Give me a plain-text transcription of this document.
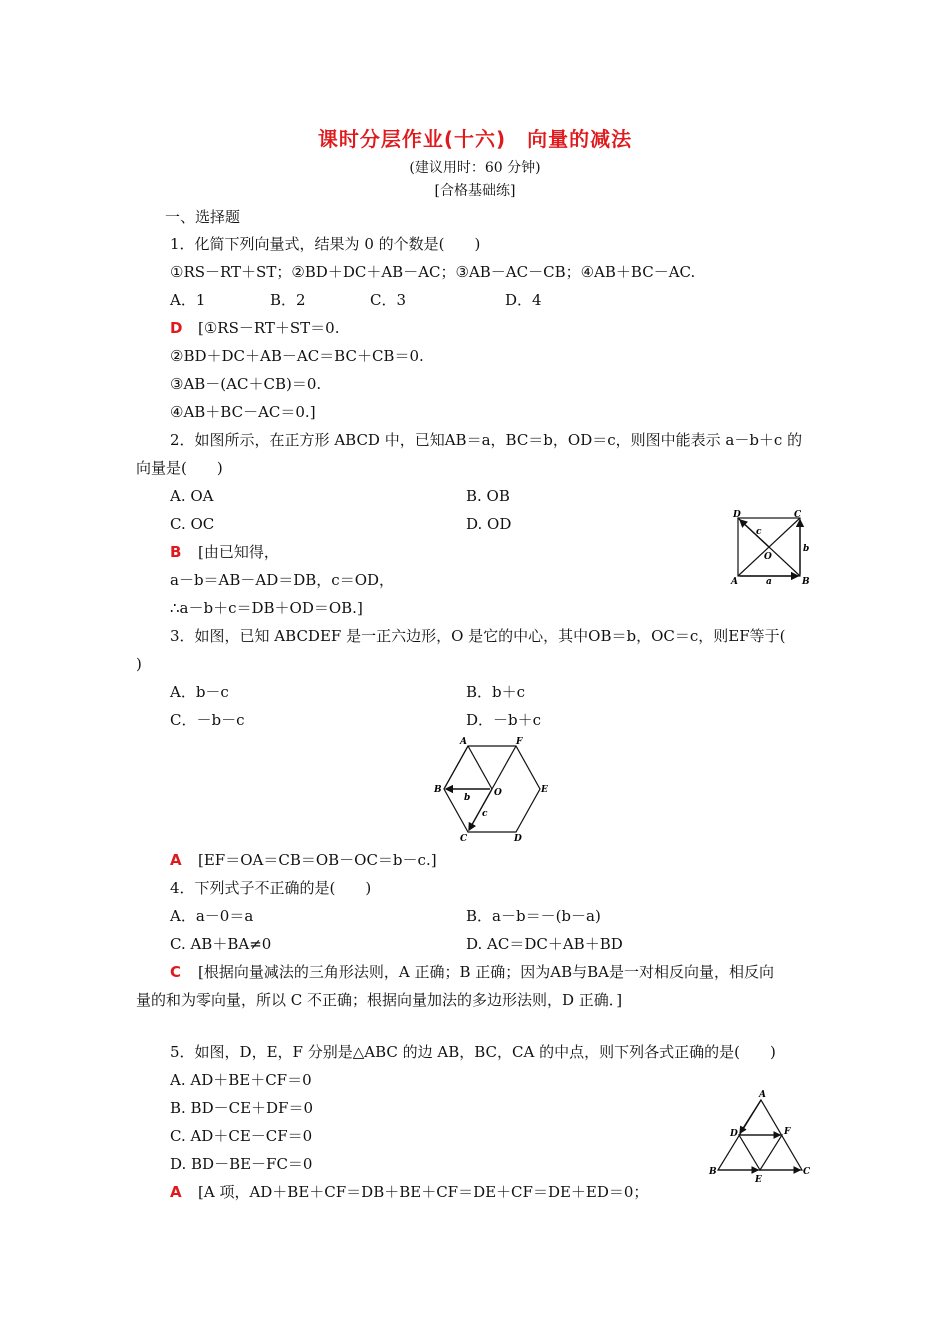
课时分层作业(十六)　向量的减法
(建议用时：60 分钟)
[合格基础练]
一、选择题
1．化简下列向量式，结果为 0 的个数是(　　)
①RS－RT＋ST；②BD＋DC＋AB－AC；③AB－AC－CB；④AB＋BC－AC.
A．1	B．2	C．3	D．4
D [①RS－RT＋ST＝0.
②BD＋DC＋AB－AC＝BC＋CB＝0.
③AB－(AC＋CB)＝0.
④AB＋BC－AC＝0.]
2．如图所示，在正方形 ABCD 中，已知AB＝a，BC＝b，OD＝c，则图中能表示 a－b＋c 的
向量是(　　)
A. OA	B. OB
C. OC	D. OD
B [由已知得，
a－b＝AB－AD＝DB，c＝OD，
∴a－b＋c＝DB＋OD＝OB.]
D	C
A	B
O
a
b
c
3．如图，已知 ABCDEF 是一正六边形，O 是它的中心，其中OB＝b，OC＝c，则EF等于(
)
A．b－c	B．b＋c
C．－b－c	D．－b＋c
A	F
B	O	E
C	D
b
c
A [EF＝OA＝CB＝OB－OC＝b－c.]
4．下列式子不正确的是(　　)
A．a－0＝a	B．a－b＝－(b－a)
C. AB＋BA≠0	D. AC＝DC＋AB＋BD
C [根据向量减法的三角形法则，A 正确；B 正确；因为AB与BA是一对相反向量，相反向
量的和为零向量，所以 C 不正确；根据向量加法的多边形法则，D 正确．]
5．如图，D，E，F 分别是△ABC 的边 AB，BC，CA 的中点，则下列各式正确的是(　　)
A. AD＋BE＋CF＝0
B. BD－CE＋DF＝0
C. AD＋CE－CF＝0
D. BD－BE－FC＝0
A [A 项，AD＋BE＋CF＝DB＋BE＋CF＝DE＋CF＝DE＋ED＝0；
A
D	F
B
E
C
